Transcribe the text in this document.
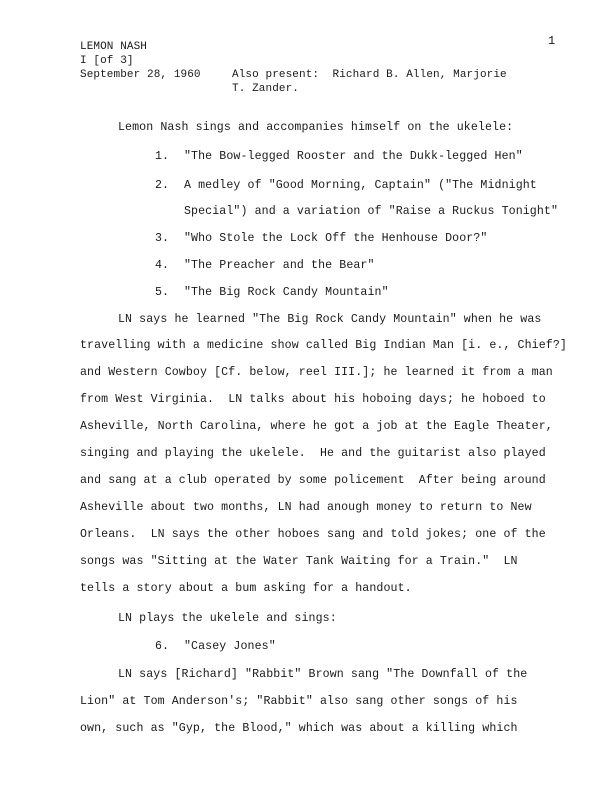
LEMON NASH
I [of 3]
September 28, 1960	Also present:  Richard B. Allen, Marjorie
T. Zander.
1
Lemon Nash sings and accompanies himself on the ukelele:
1. "The Bow-legged Rooster and the Dukk-legged Hen"
2. A medley of "Good Morning, Captain" ("The Midnight
Special") and a variation of "Raise a Ruckus Tonight"
3. "Who Stole the Lock Off the Henhouse Door?"
4. "The Preacher and the Bear"
5. "The Big Rock Candy Mountain"
LN says he learned "The Big Rock Candy Mountain" when he was
travelling with a medicine show called Big Indian Man [i. e., Chief?]
and Western Cowboy [Cf. below, reel III.]; he learned it from a man
from West Virginia.  LN talks about his hoboing days; he hoboed to
Asheville, North Carolina, where he got a job at the Eagle Theater,
singing and playing the ukelele.  He and the guitarist also played
and sang at a club operated by some policement  After being around
Asheville about two months, LN had anough money to return to New
Orleans.  LN says the other hoboes sang and told jokes; one of the
songs was "Sitting at the Water Tank Waiting for a Train."  LN
tells a story about a bum asking for a handout.
LN plays the ukelele and sings:
6. "Casey Jones"
LN says [Richard] "Rabbit" Brown sang "The Downfall of the
Lion" at Tom Anderson's; "Rabbit" also sang other songs of his
own, such as "Gyp, the Blood," which was about a killing which
